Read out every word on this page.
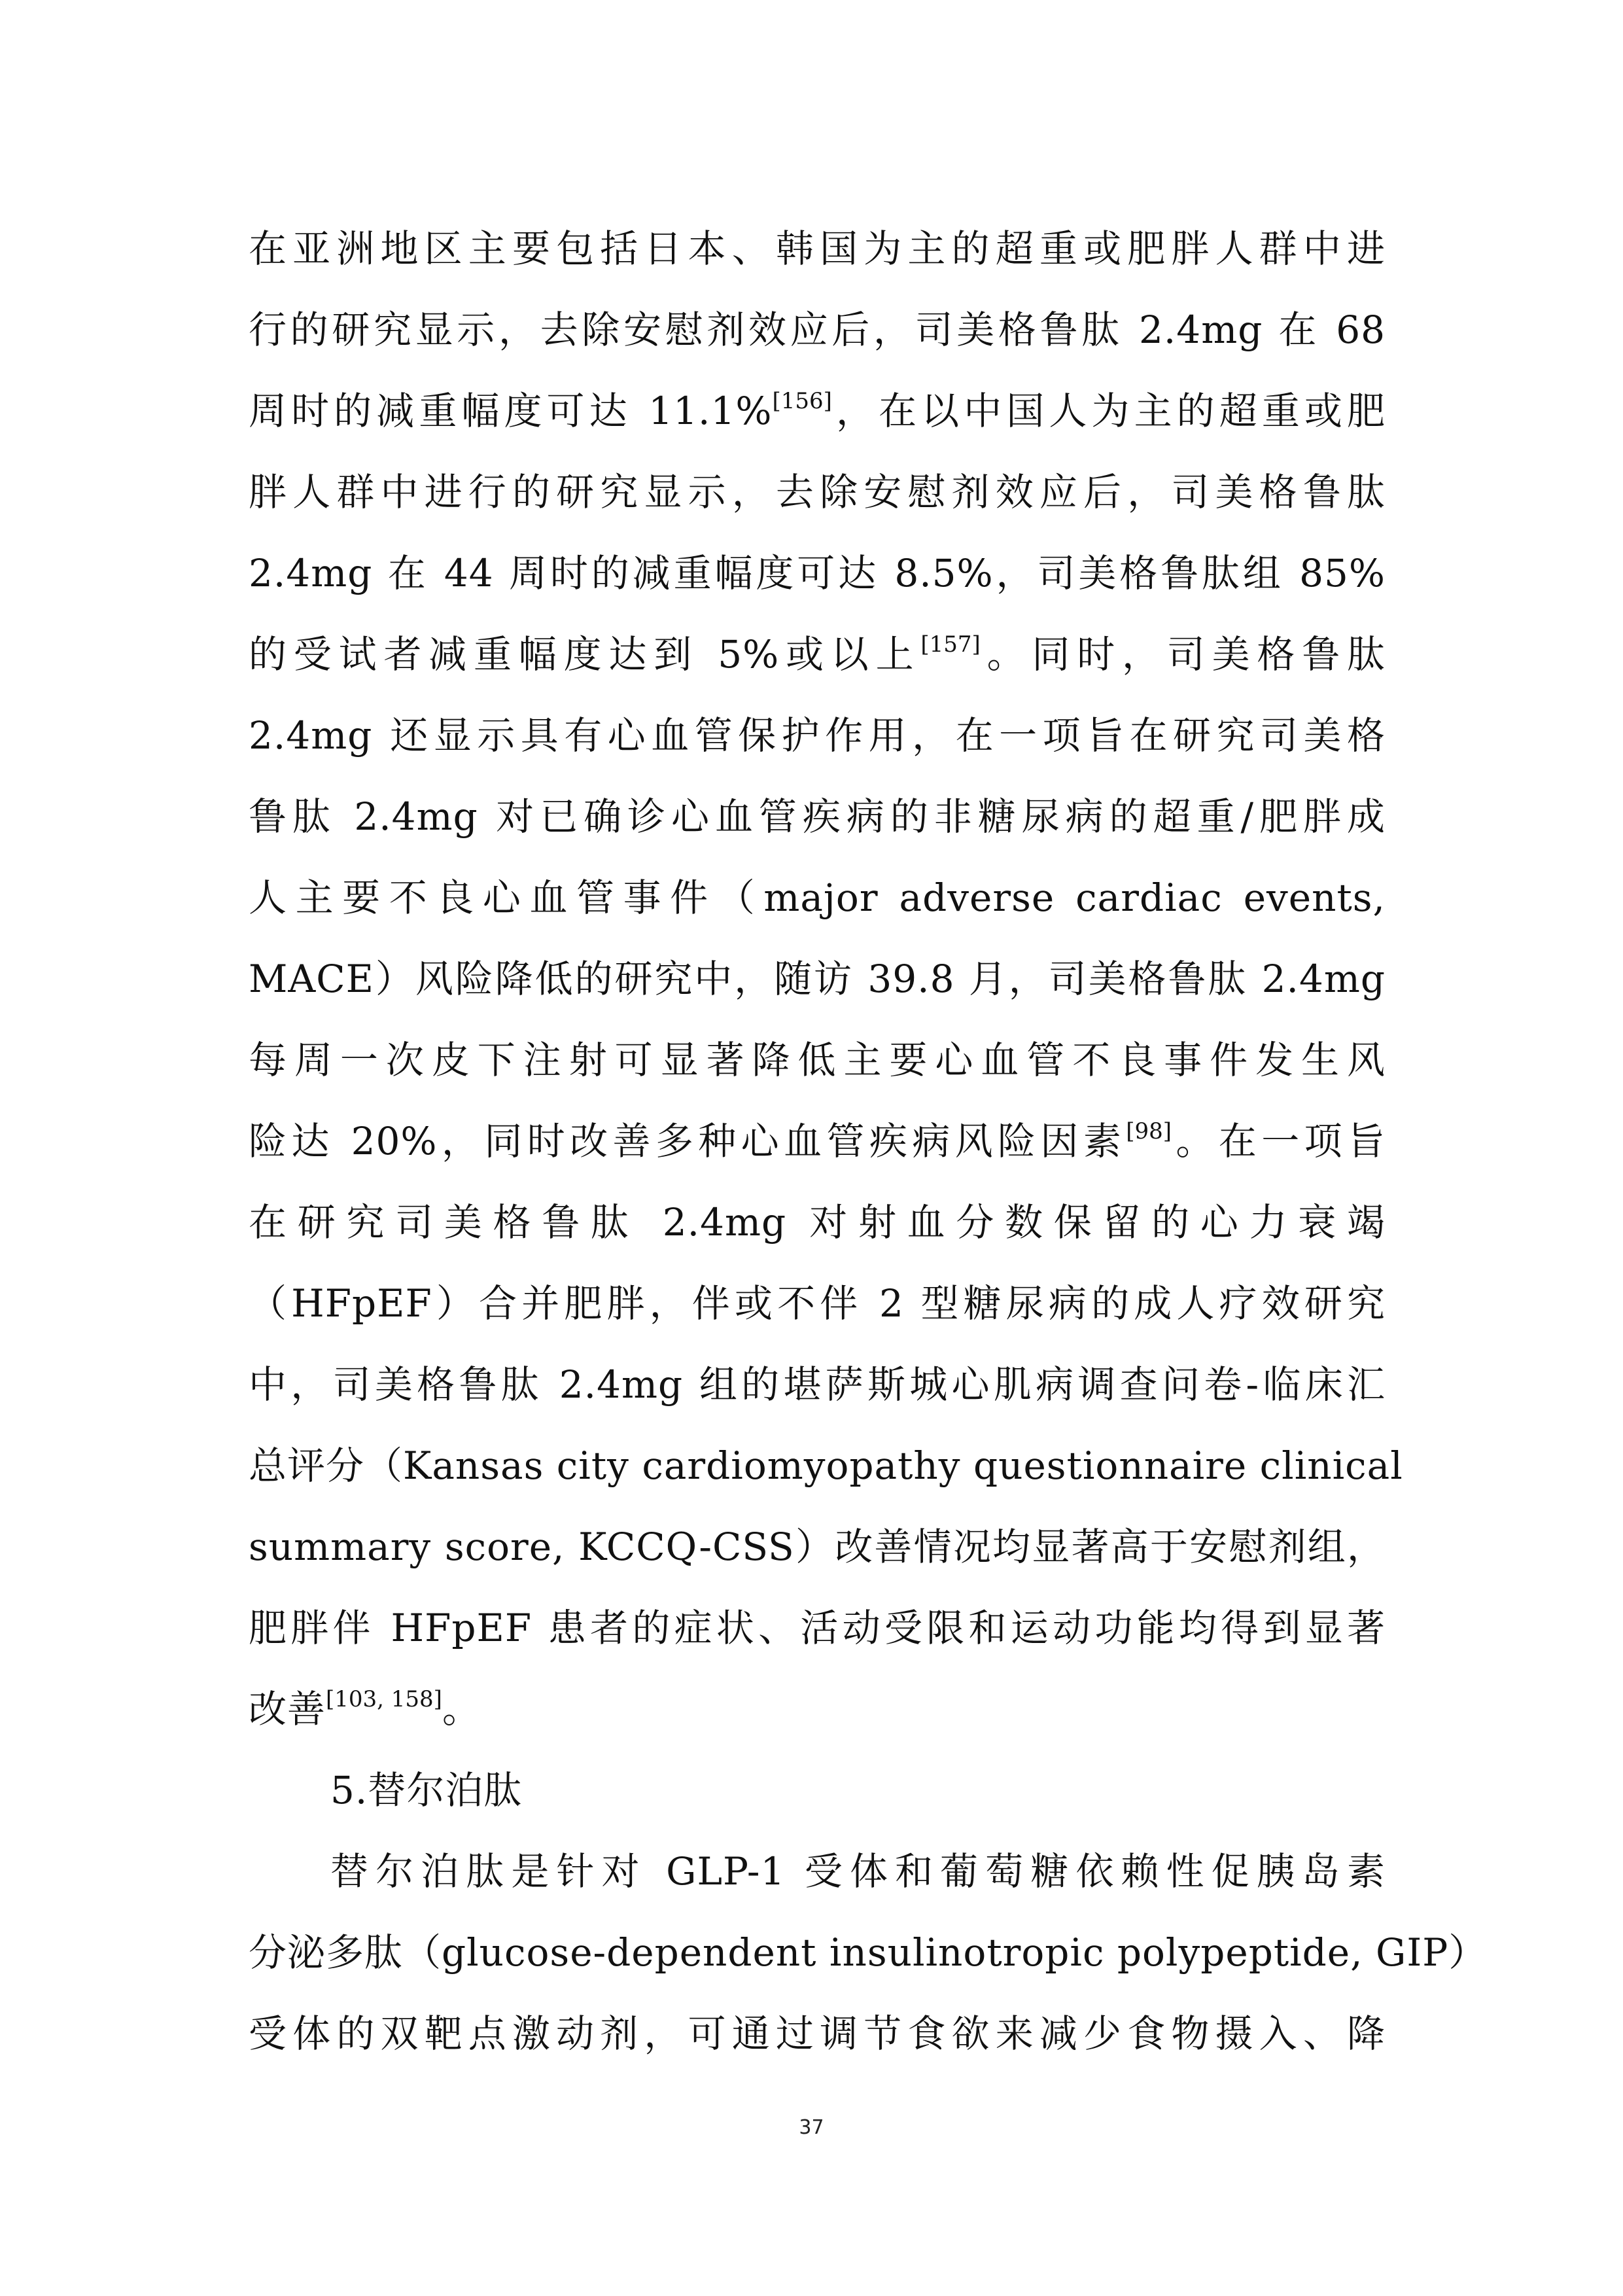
在亚洲地区主要包括日本、韩国为主的超重或肥胖人群中进
行的研究显示，去除安慰剂效应后，司美格鲁肽 2.4mg 在 68
周时的减重幅度可达 11.1%[156]，在以中国人为主的超重或肥
胖人群中进行的研究显示，去除安慰剂效应后，司美格鲁肽
2.4mg 在 44 周时的减重幅度可达 8.5%，司美格鲁肽组 85%
的受试者减重幅度达到 5%或以上[157]。同时，司美格鲁肽
2.4mg 还显示具有心血管保护作用，在一项旨在研究司美格
鲁肽 2.4mg 对已确诊心血管疾病的非糖尿病的超重/肥胖成
人主要不良心血管事件（major adverse cardiac events,
MACE）风险降低的研究中，随访 39.8 月，司美格鲁肽 2.4mg
每周一次皮下注射可显著降低主要心血管不良事件发生风
险达 20%，同时改善多种心血管疾病风险因素[98]。在一项旨
在研究司美格鲁肽 2.4mg 对射血分数保留的心力衰竭
（HFpEF）合并肥胖，伴或不伴 2 型糖尿病的成人疗效研究
中，司美格鲁肽 2.4mg 组的堪萨斯城心肌病调查问卷-临床汇
总评分（Kansas city cardiomyopathy questionnaire clinical
summary score, KCCQ-CSS）改善情况均显著高于安慰剂组，
肥胖伴 HFpEF 患者的症状、活动受限和运动功能均得到显著
改善[103, 158]。
5.替尔泊肽
替尔泊肽是针对 GLP-1 受体和葡萄糖依赖性促胰岛素
分泌多肽（glucose-dependent insulinotropic polypeptide, GIP）
受体的双靶点激动剂，可通过调节食欲来减少食物摄入、降
37
